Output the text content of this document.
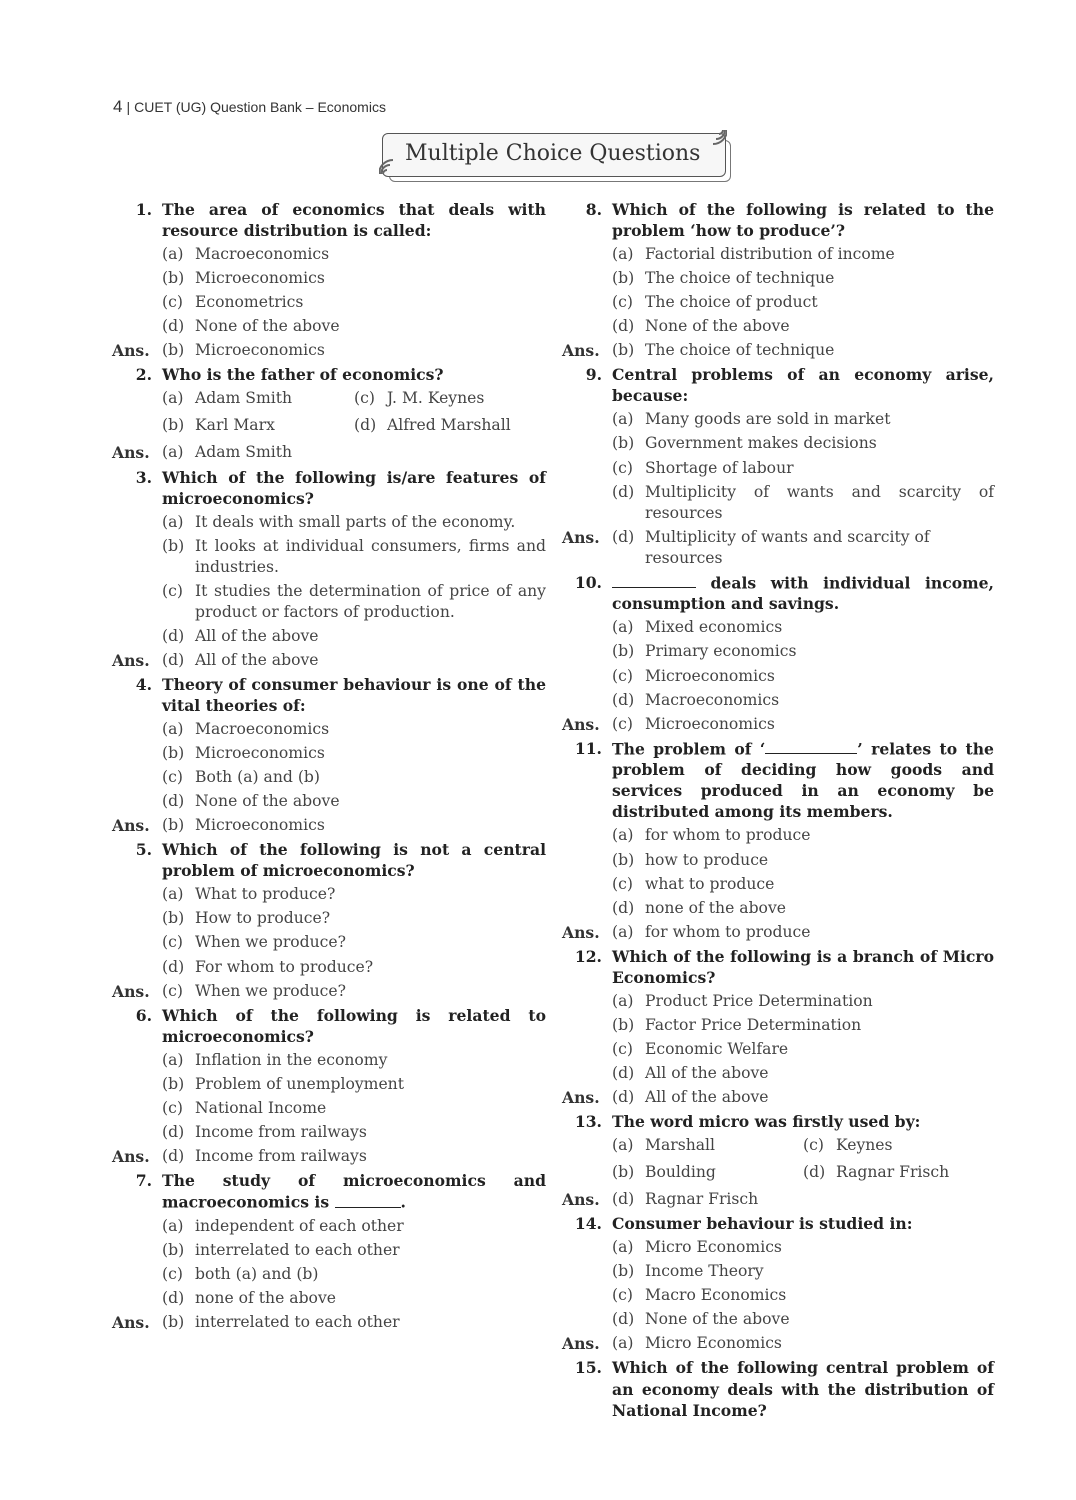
4 | CUET (UG) Question Bank – Economics
Multiple Choice Questions
1. The area of economics that deals with resource distribution is called:
(a) Macroeconomics
(b) Microeconomics
(c) Econometrics
(d) None of the above
Ans. (b) Microeconomics
2. Who is the father of economics?
(a) Adam Smith	(c) J. M. Keynes
(b) Karl Marx	(d) Alfred Marshall
Ans. (a) Adam Smith
3. Which of the following is/are features of microeconomics?
(a) It deals with small parts of the economy.
(b) It looks at individual consumers, firms and industries.
(c) It studies the determination of price of any product or factors of production.
(d) All of the above
Ans. (d) All of the above
4. Theory of consumer behaviour is one of the vital theories of:
(a) Macroeconomics
(b) Microeconomics
(c) Both (a) and (b)
(d) None of the above
Ans. (b) Microeconomics
5. Which of the following is not a central problem of microeconomics?
(a) What to produce?
(b) How to produce?
(c) When we produce?
(d) For whom to produce?
Ans. (c) When we produce?
6. Which of the following is related to microeconomics?
(a) Inflation in the economy
(b) Problem of unemployment
(c) National Income
(d) Income from railways
Ans. (d) Income from railways
7. The study of microeconomics and macroeconomics is	.
(a) independent of each other
(b) interrelated to each other
(c) both (a) and (b)
(d) none of the above
Ans. (b) interrelated to each other
8. Which of the following is related to the problem ‘how to produce’?
(a) Factorial distribution of income
(b) The choice of technique
(c) The choice of product
(d) None of the above
Ans. (b) The choice of technique
9. Central problems of an economy arise, because:
(a) Many goods are sold in market
(b) Government makes decisions
(c) Shortage of labour
(d) Multiplicity of wants and scarcity of resources
Ans. (d) Multiplicity of wants and scarcity of resources
10.	deals with individual income, consumption and savings.
(a) Mixed economics
(b) Primary economics
(c) Microeconomics
(d) Macroeconomics
Ans. (c) Microeconomics
11. The problem of ‘	’ relates to the problem of deciding how goods and services produced in an economy be distributed among its members.
(a) for whom to produce
(b) how to produce
(c) what to produce
(d) none of the above
Ans. (a) for whom to produce
12. Which of the following is a branch of Micro Economics?
(a) Product Price Determination
(b) Factor Price Determination
(c) Economic Welfare
(d) All of the above
Ans. (d) All of the above
13. The word micro was firstly used by:
(a) Marshall	(c) Keynes
(b) Boulding	(d) Ragnar Frisch
Ans. (d) Ragnar Frisch
14. Consumer behaviour is studied in:
(a) Micro Economics
(b) Income Theory
(c) Macro Economics
(d) None of the above
Ans. (a) Micro Economics
15. Which of the following central problem of an economy deals with the distribution of National Income?
